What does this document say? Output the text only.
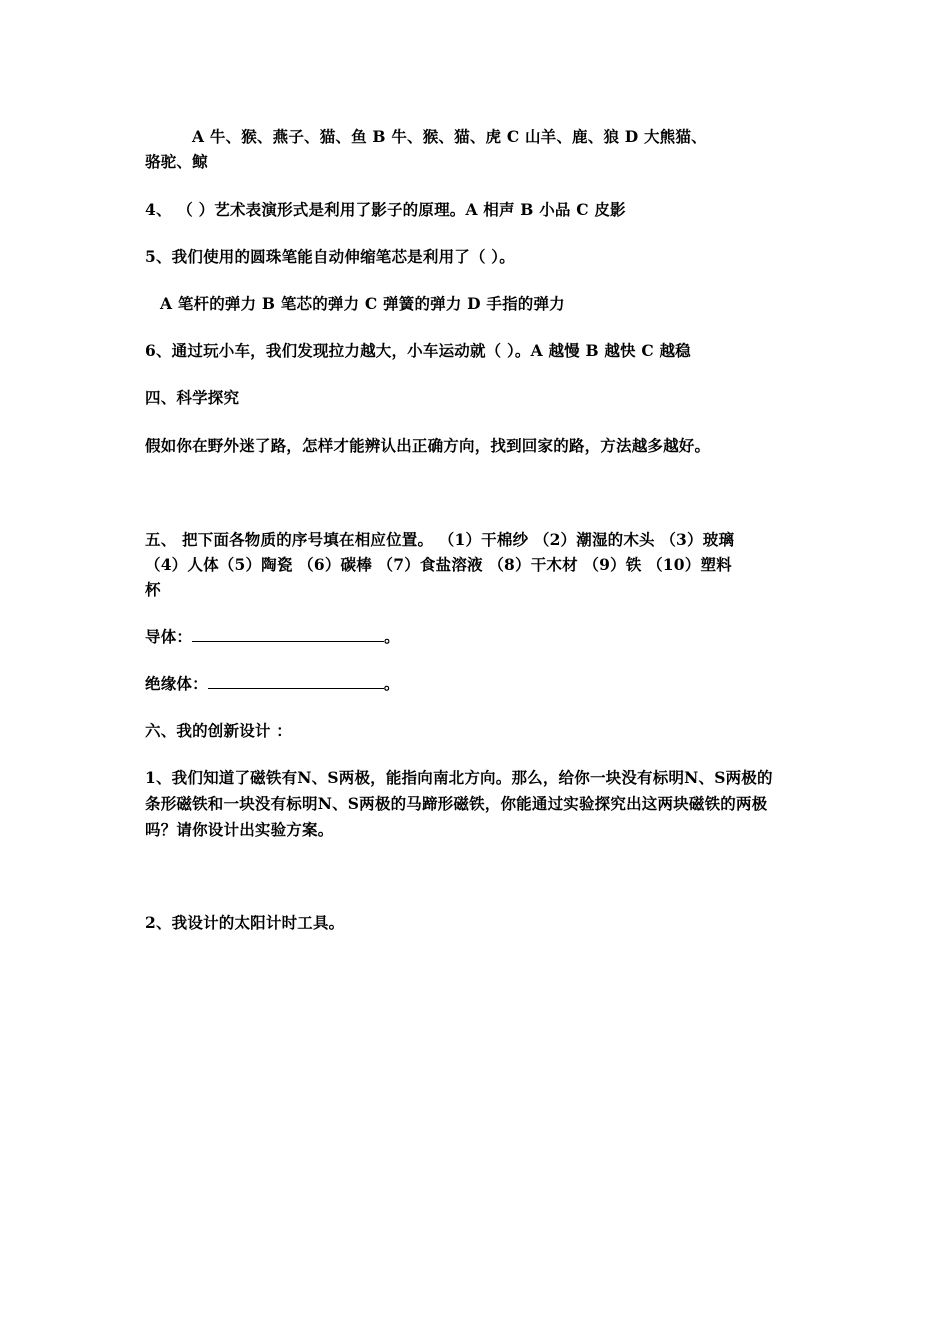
A 牛、猴、燕子、猫、鱼 B 牛、猴、猫、虎 C 山羊、鹿、狼 D 大熊猫、
骆驼、鲸
4、 （ ）艺术表演形式是利用了影子的原理。A 相声 B 小品 C 皮影
5、我们使用的圆珠笔能自动伸缩笔芯是利用了（ ）。
A 笔杆的弹力 B 笔芯的弹力 C 弹簧的弹力 D 手指的弹力
6、通过玩小车，我们发现拉力越大，小车运动就（ ）。A 越慢 B 越快 C 越稳
四、科学探究
假如你在野外迷了路，怎样才能辨认出正确方向，找到回家的路，方法越多越好。
五、 把下面各物质的序号填在相应位置。 （1）干棉纱 （2）潮湿的木头 （3）玻璃
（4）人体（5）陶瓷 （6）碳棒 （7）食盐溶液 （8）干木材 （9）铁 （10）塑料
杯
导体：	。
绝缘体：	。
六、我的创新设计 ：
1、我们知道了磁铁有N、S两极，能指向南北方向。那么，给你一块没有标明N、S两极的
条形磁铁和一块没有标明N、S两极的马蹄形磁铁，你能通过实验探究出这两块磁铁的两极
吗？请你设计出实验方案。
2、我设计的太阳计时工具。
